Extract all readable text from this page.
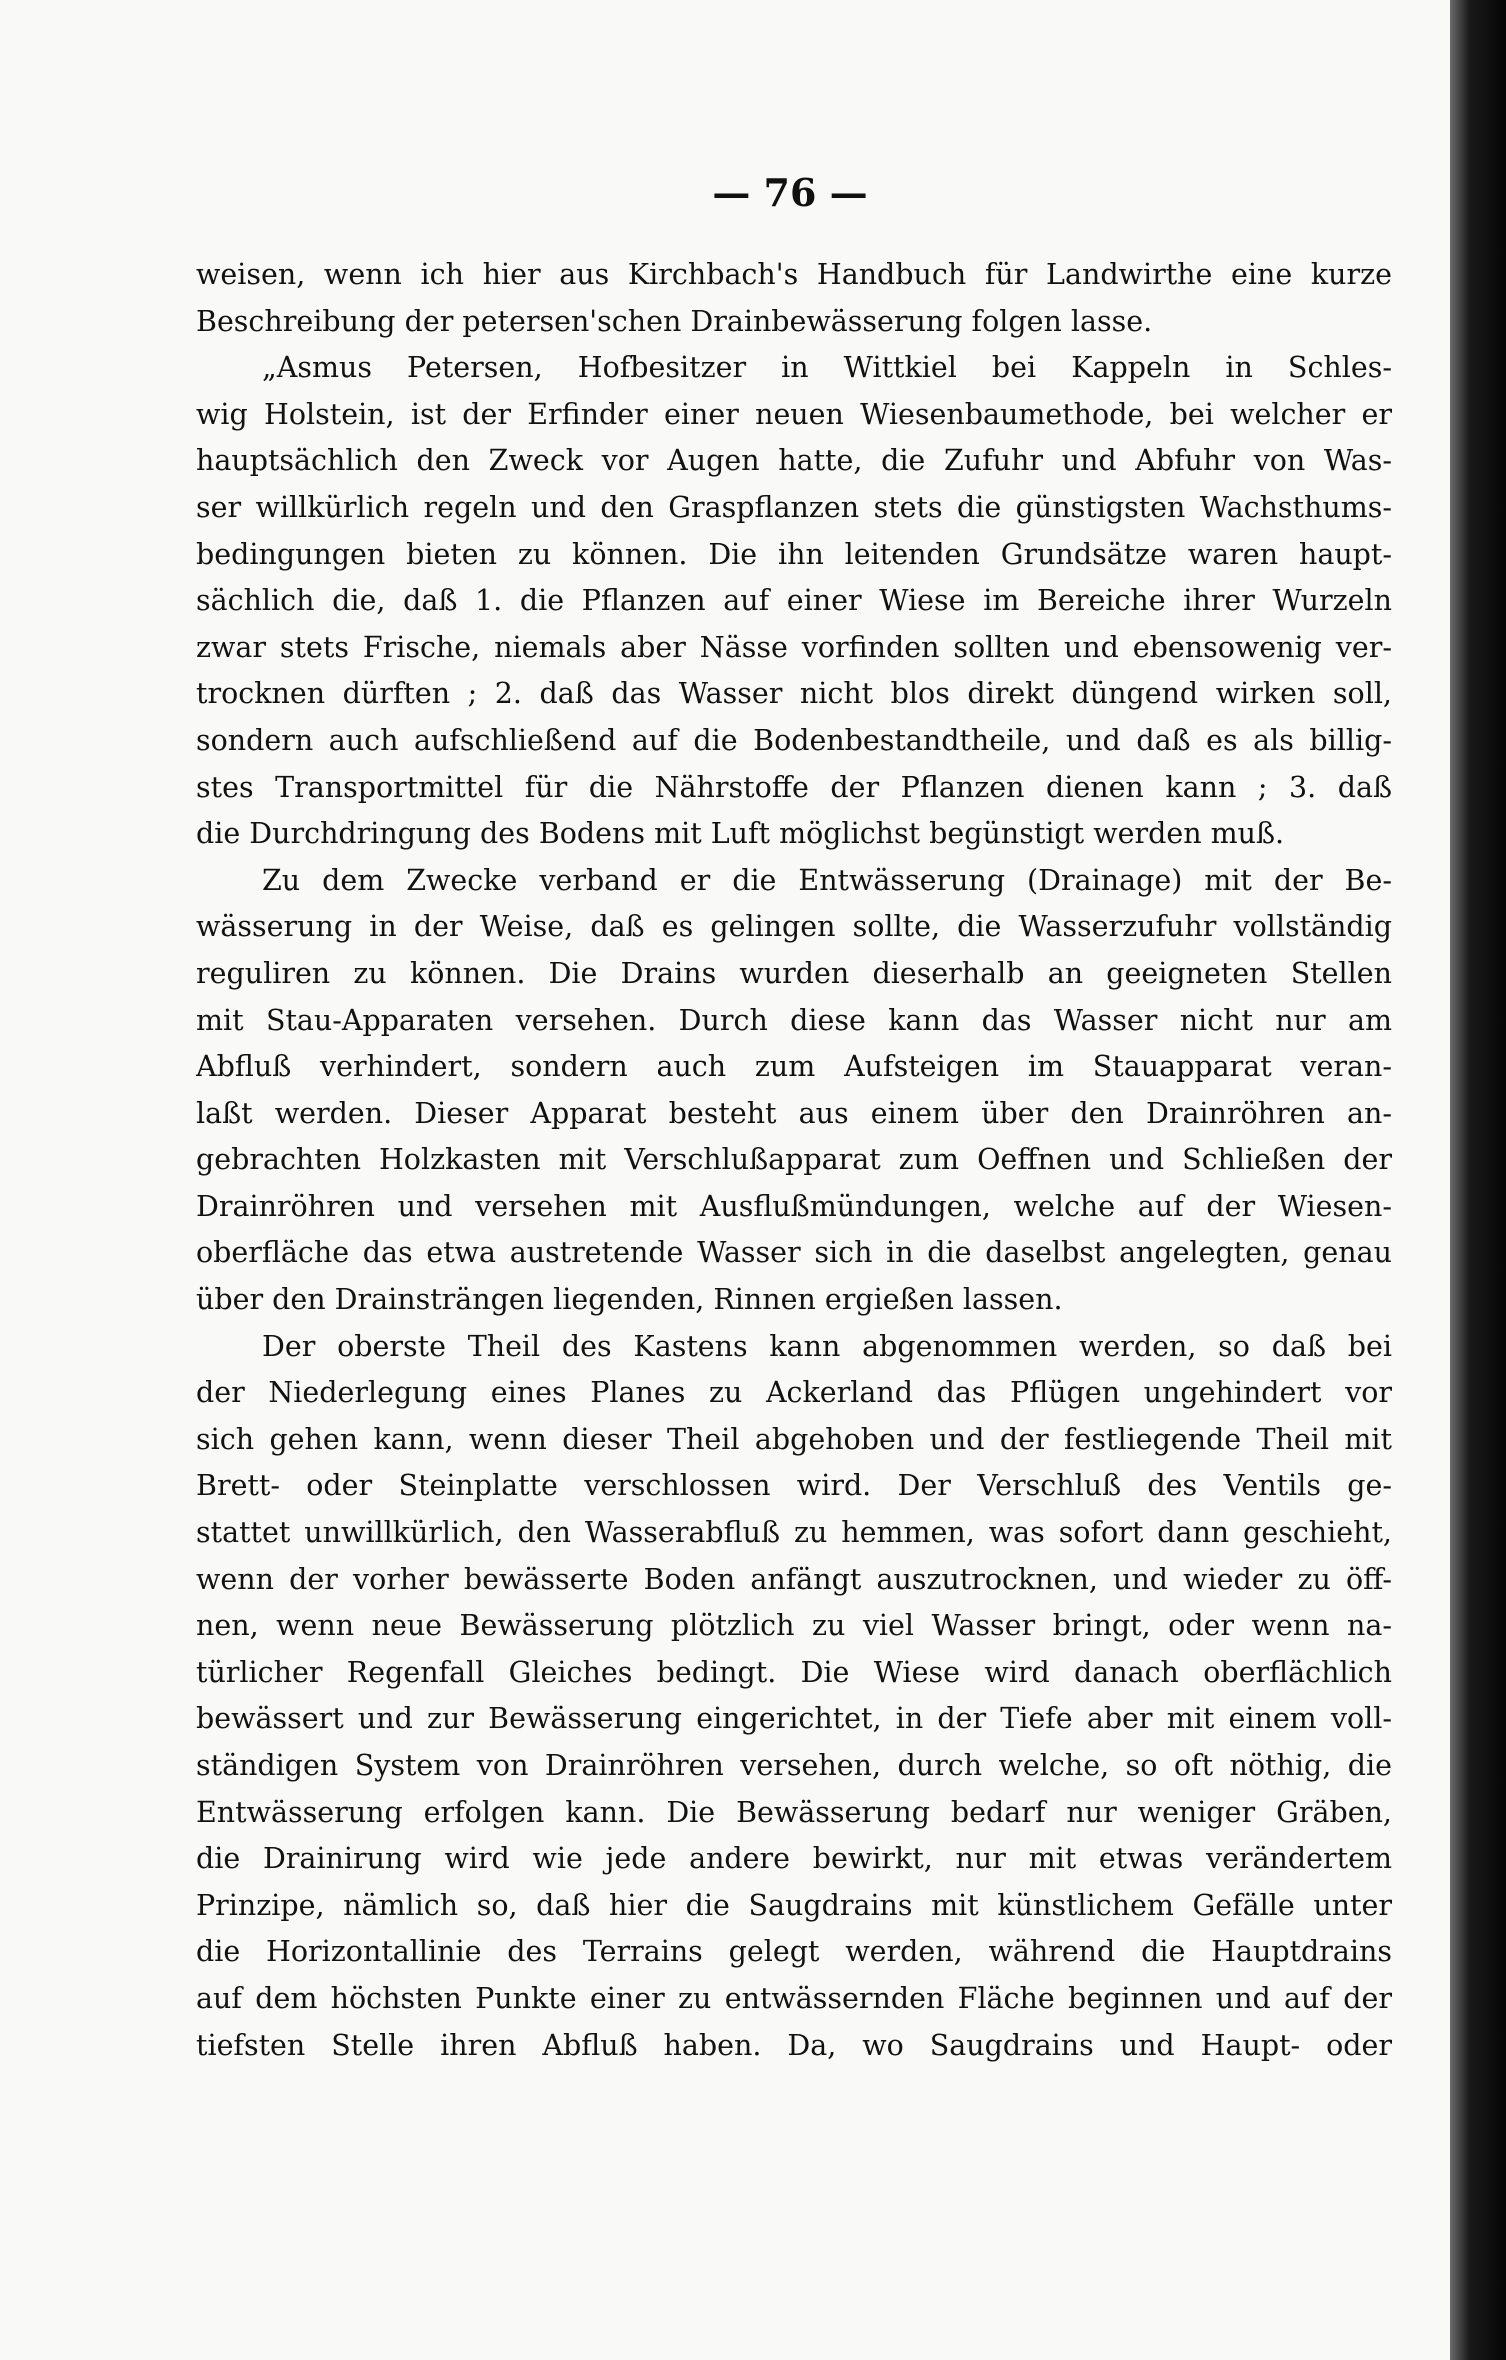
— 76 —
weisen, wenn ich hier aus Kirchbach's Handbuch für Landwirthe eine kurze
Beschreibung der petersen'schen Drainbewässerung folgen lasse.
„Asmus Petersen, Hofbesitzer in Wittkiel bei Kappeln in Schles-
wig Holstein, ist der Erfinder einer neuen Wiesenbaumethode, bei welcher er
hauptsächlich den Zweck vor Augen hatte, die Zufuhr und Abfuhr von Was-
ser willkürlich regeln und den Graspflanzen stets die günstigsten Wachsthums-
bedingungen bieten zu können. Die ihn leitenden Grundsätze waren haupt-
sächlich die, daß 1. die Pflanzen auf einer Wiese im Bereiche ihrer Wurzeln
zwar stets Frische, niemals aber Nässe vorfinden sollten und ebensowenig ver-
trocknen dürften ; 2. daß das Wasser nicht blos direkt düngend wirken soll,
sondern auch aufschließend auf die Bodenbestandtheile, und daß es als billig-
stes Transportmittel für die Nährstoffe der Pflanzen dienen kann ; 3. daß
die Durchdringung des Bodens mit Luft möglichst begünstigt werden muß.
Zu dem Zwecke verband er die Entwässerung (Drainage) mit der Be-
wässerung in der Weise, daß es gelingen sollte, die Wasserzufuhr vollständig
reguliren zu können. Die Drains wurden dieserhalb an geeigneten Stellen
mit Stau-Apparaten versehen. Durch diese kann das Wasser nicht nur am
Abfluß verhindert, sondern auch zum Aufsteigen im Stauapparat veran-
laßt werden. Dieser Apparat besteht aus einem über den Drainröhren an-
gebrachten Holzkasten mit Verschlußapparat zum Oeffnen und Schließen der
Drainröhren und versehen mit Ausflußmündungen, welche auf der Wiesen-
oberfläche das etwa austretende Wasser sich in die daselbst angelegten, genau
über den Drainsträngen liegenden, Rinnen ergießen lassen.
Der oberste Theil des Kastens kann abgenommen werden, so daß bei
der Niederlegung eines Planes zu Ackerland das Pflügen ungehindert vor
sich gehen kann, wenn dieser Theil abgehoben und der festliegende Theil mit
Brett- oder Steinplatte verschlossen wird. Der Verschluß des Ventils ge-
stattet unwillkürlich, den Wasserabfluß zu hemmen, was sofort dann geschieht,
wenn der vorher bewässerte Boden anfängt auszutrocknen, und wieder zu öff-
nen, wenn neue Bewässerung plötzlich zu viel Wasser bringt, oder wenn na-
türlicher Regenfall Gleiches bedingt. Die Wiese wird danach oberflächlich
bewässert und zur Bewässerung eingerichtet, in der Tiefe aber mit einem voll-
ständigen System von Drainröhren versehen, durch welche, so oft nöthig, die
Entwässerung erfolgen kann. Die Bewässerung bedarf nur weniger Gräben,
die Drainirung wird wie jede andere bewirkt, nur mit etwas verändertem
Prinzipe, nämlich so, daß hier die Saugdrains mit künstlichem Gefälle unter
die Horizontallinie des Terrains gelegt werden, während die Hauptdrains
auf dem höchsten Punkte einer zu entwässernden Fläche beginnen und auf der
tiefsten Stelle ihren Abfluß haben. Da, wo Saugdrains und Haupt- oder
